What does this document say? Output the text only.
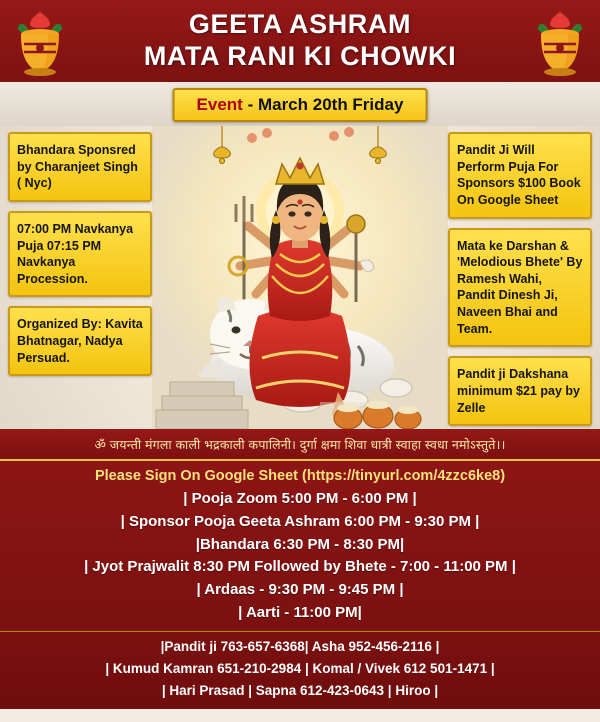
GEETA ASHRAM
MATA RANI KI CHOWKI
Event - March 20th Friday
Bhandara Sponsred by Charanjeet Singh ( Nyc)
07:00 PM Navkanya Puja 07:15 PM Navkanya Procession.
Organized By: Kavita Bhatnagar, Nadya Persuad.
Pandit Ji Will Perform Puja For Sponsors $100 Book On Google Sheet
Mata ke Darshan & 'Melodious Bhete' By Ramesh Wahi, Pandit Dinesh Ji, Naveen Bhai and Team.
Pandit ji Dakshana minimum $21 pay by Zelle
ॐ जयन्ती मंगला काली भद्रकाली कपालिनी। दुर्गा क्षमा शिवा धात्री स्वाहा स्वधा नमोऽस्तुते।।
Please Sign On Google Sheet (https://tinyurl.com/4zzc6ke8)
| Pooja Zoom 5:00 PM - 6:00 PM |
| Sponsor Pooja Geeta Ashram 6:00 PM - 9:30 PM |
|Bhandara 6:30 PM - 8:30 PM|
| Jyot Prajwalit 8:30 PM Followed by Bhete - 7:00 - 11:00 PM |
| Ardaas - 9:30 PM - 9:45 PM |
| Aarti - 11:00 PM|
|Pandit ji 763-657-6368| Asha 952-456-2116 |
| Kumud Kamran 651-210-2984 | Komal / Vivek 612 501-1471 |
| Hari Prasad | Sapna 612-423-0643 | Hiroo |
